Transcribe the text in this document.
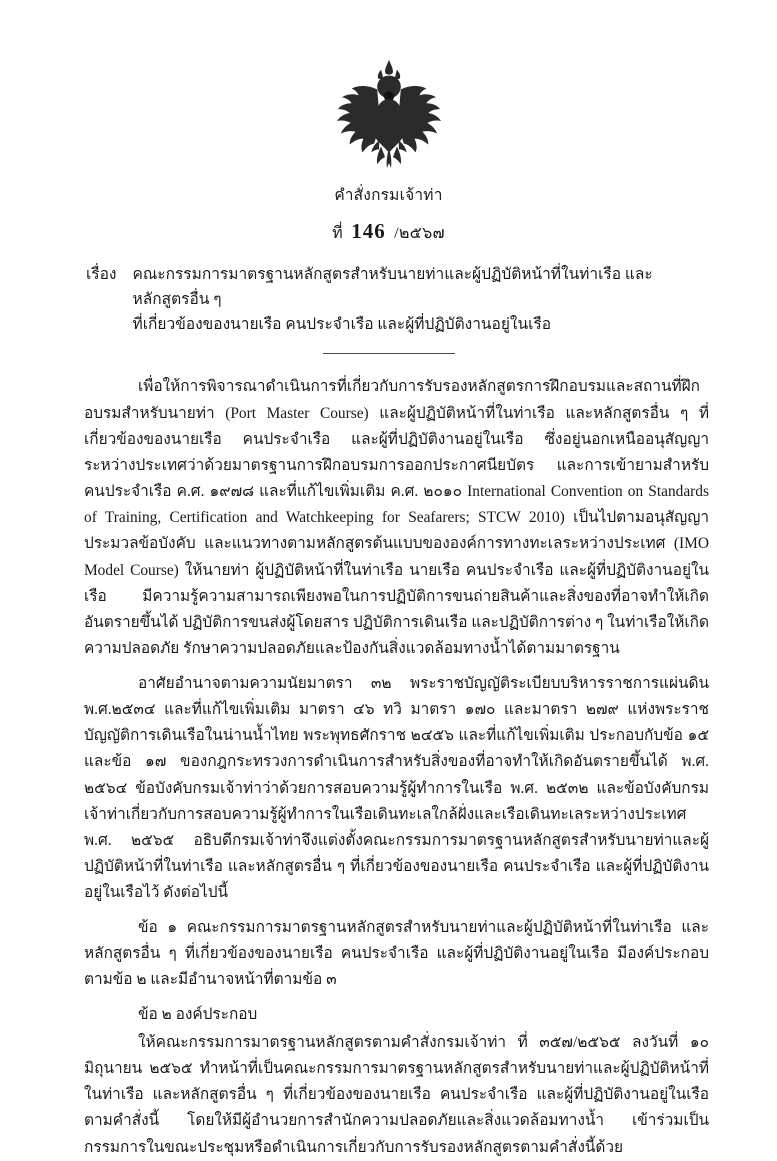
คำสั่งกรมเจ้าท่า
ที่ 146 /๒๕๖๗
เรื่อง คณะกรรมการมาตรฐานหลักสูตรสำหรับนายท่าและผู้ปฏิบัติหน้าที่ในท่าเรือ และหลักสูตรอื่น ๆ
ที่เกี่ยวข้องของนายเรือ คนประจำเรือ และผู้ที่ปฏิบัติงานอยู่ในเรือ

เพื่อให้การพิจารณาดำเนินการที่เกี่ยวกับการรับรองหลักสูตรการฝึกอบรมและสถานที่ฝึกอบรมสำหรับนายท่า (Port Master Course) และผู้ปฏิบัติหน้าที่ในท่าเรือ และหลักสูตรอื่น ๆ ที่เกี่ยวข้องของนายเรือ คนประจำเรือ และผู้ที่ปฏิบัติงานอยู่ในเรือ ซึ่งอยู่นอกเหนืออนุสัญญาระหว่างประเทศว่าด้วยมาตรฐานการฝึกอบรมการออกประกาศนียบัตร และการเข้ายามสำหรับคนประจำเรือ ค.ศ. ๑๙๗๘ และที่แก้ไขเพิ่มเติม ค.ศ. ๒๐๑๐ International Convention on Standards of Training, Certification and Watchkeeping for Seafarers; STCW 2010) เป็นไปตามอนุสัญญา ประมวลข้อบังคับ และแนวทางตามหลักสูตรต้นแบบขององค์การทางทะเลระหว่างประเทศ (IMO Model Course) ให้นายท่า ผู้ปฏิบัติหน้าที่ในท่าเรือ นายเรือ คนประจำเรือ และผู้ที่ปฏิบัติงานอยู่ในเรือ มีความรู้ความสามารถเพียงพอในการปฏิบัติการขนถ่ายสินค้าและสิ่งของที่อาจทำให้เกิดอันตรายขึ้นได้ ปฏิบัติการขนส่งผู้โดยสาร ปฏิบัติการเดินเรือ และปฏิบัติการต่าง ๆ ในท่าเรือให้เกิดความปลอดภัย รักษาความปลอดภัยและป้องกันสิ่งแวดล้อมทางน้ำได้ตามมาตรฐาน

อาศัยอำนาจตามความนัยมาตรา ๓๒ พระราชบัญญัติระเบียบบริหารราชการแผ่นดิน พ.ศ.๒๕๓๔ และที่แก้ไขเพิ่มเติม มาตรา ๔๖ ทวิ มาตรา ๑๗๐ และมาตรา ๒๗๙ แห่งพระราชบัญญัติการเดินเรือในน่านน้ำไทย พระพุทธศักราช ๒๔๕๖ และที่แก้ไขเพิ่มเติม ประกอบกับข้อ ๑๕ และข้อ ๑๗ ของกฎกระทรวงการดำเนินการสำหรับสิ่งของที่อาจทำให้เกิดอันตรายขึ้นได้ พ.ศ. ๒๕๖๔ ข้อบังคับกรมเจ้าท่าว่าด้วยการสอบความรู้ผู้ทำการในเรือ พ.ศ. ๒๕๓๒ และข้อบังคับกรมเจ้าท่าเกี่ยวกับการสอบความรู้ผู้ทำการในเรือเดินทะเลใกล้ฝั่งและเรือเดินทะเลระหว่างประเทศ พ.ศ. ๒๕๖๕ อธิบดีกรมเจ้าท่าจึงแต่งตั้งคณะกรรมการมาตรฐานหลักสูตรสำหรับนายท่าและผู้ปฏิบัติหน้าที่ในท่าเรือ และหลักสูตรอื่น ๆ ที่เกี่ยวข้องของนายเรือ คนประจำเรือ และผู้ที่ปฏิบัติงานอยู่ในเรือไว้ ดังต่อไปนี้

ข้อ ๑ คณะกรรมการมาตรฐานหลักสูตรสำหรับนายท่าและผู้ปฏิบัติหน้าที่ในท่าเรือ และหลักสูตรอื่น ๆ ที่เกี่ยวข้องของนายเรือ คนประจำเรือ และผู้ที่ปฏิบัติงานอยู่ในเรือ มีองค์ประกอบตามข้อ ๒ และมีอำนาจหน้าที่ตามข้อ ๓

ข้อ ๒ องค์ประกอบ

ให้คณะกรรมการมาตรฐานหลักสูตรตามคำสั่งกรมเจ้าท่า ที่ ๓๕๗/๒๕๖๕ ลงวันที่ ๑๐ มิถุนายน ๒๕๖๕ ทำหน้าที่เป็นคณะกรรมการมาตรฐานหลักสูตรสำหรับนายท่าและผู้ปฏิบัติหน้าที่ในท่าเรือ และหลักสูตรอื่น ๆ ที่เกี่ยวข้องของนายเรือ คนประจำเรือ และผู้ที่ปฏิบัติงานอยู่ในเรือ ตามคำสั่งนี้ โดยให้มีผู้อำนวยการสำนักความปลอดภัยและสิ่งแวดล้อมทางน้ำ เข้าร่วมเป็นกรรมการในขณะประชุมหรือดำเนินการเกี่ยวกับการรับรองหลักสูตรตามคำสั่งนี้ด้วย
